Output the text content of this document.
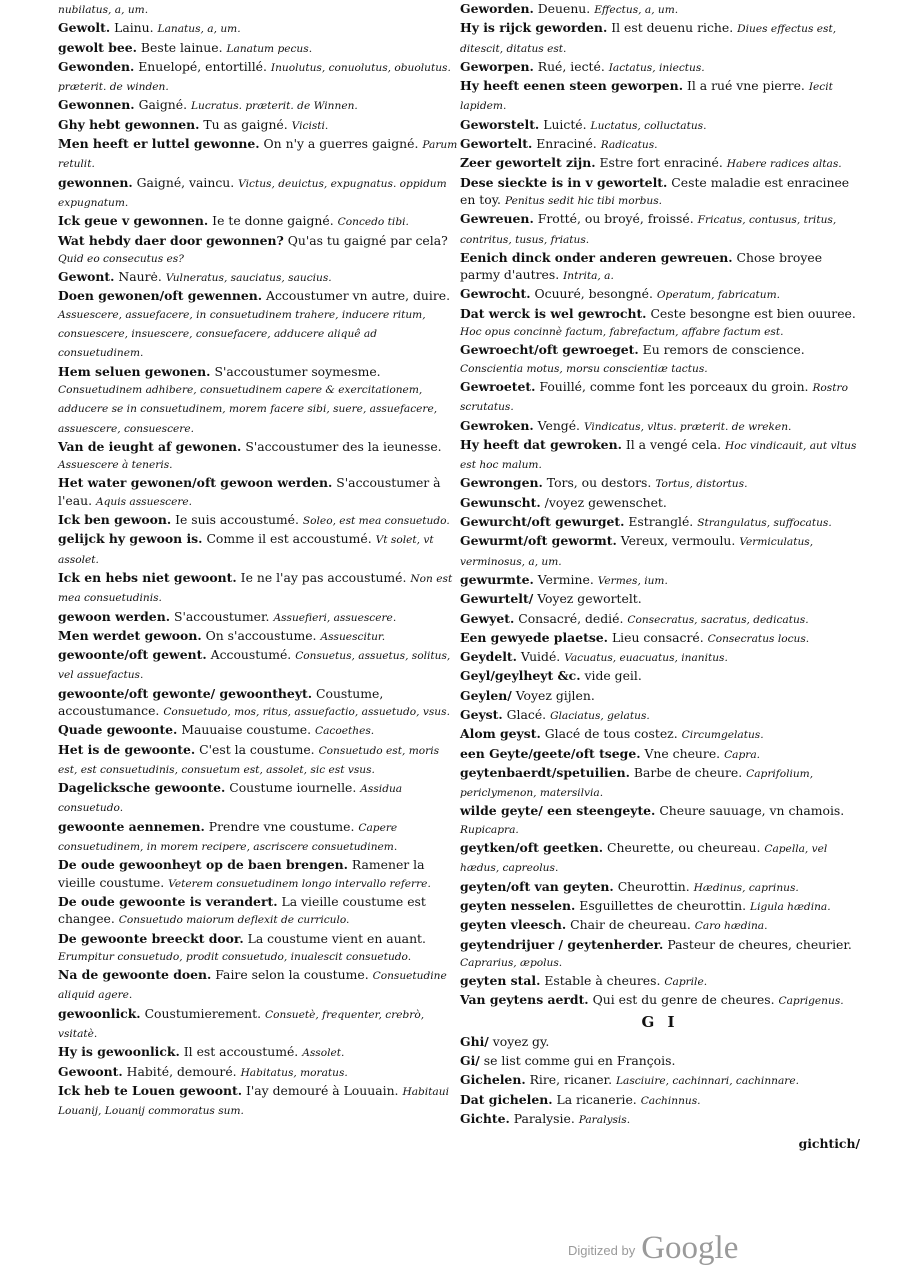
nubilatus, a, um.

Gewolt. Lainu. Lanatus, a, um.

gewolt bee. Beste lainue. Lanatum pecus.

Gewonden. Enuelopé, entortillé. Inuolutus, conuolutus, obuolutus. præterit. de winden.

Gewonnen. Gaigné. Lucratus. præterit. de Winnen.

Ghy hebt gewonnen. Tu as gaigné. Vicisti.

Men heeft er luttel gewonne. On n'y a guerres gaigné. Parum retulit.

gewonnen. Gaigné, vaincu. Victus, deuictus, expugnatus. oppidum expugnatum.

Ick geue v gewonnen. Ie te donne gaigné. Concedo tibi.

Wat hebdy daer door gewonnen? Qu'as tu gaigné par cela? Quid eo consecutus es?

Gewont. Naurė. Vulneratus, sauciatus, saucius.

Doen gewonen/oft gewennen. Accoustumer vn autre, duire. Assuescere, assuefacere, in consuetudinem trahere, inducere ritum, consuescere, insuescere, consuefacere, adducere aliquê ad consuetudinem.

Hem seluen gewonen. S'accoustumer soymesme. Consuetudinem adhibere, consuetudinem capere & exercitationem, adducere se in consuetudinem, morem facere sibi, suere, assuefacere, assuescere, consuescere.

Van de ieught af gewonen. S'accoustumer des la ieunesse. Assuescere à teneris.

Het water gewonen/oft gewoon werden. S'accoustumer à l'eau. Aquis assuescere.

Ick ben gewoon. Ie suis accoustumé. Soleo, est mea consuetudo.

gelijck hy gewoon is. Comme il est accoustumé. Vt solet, vt assolet.

Ick en hebs niet gewoont. Ie ne l'ay pas accoustumé. Non est mea consuetudinis.

gewoon werden. S'accoustumer. Assuefieri, assuescere.

Men werdet gewoon. On s'accoustume. Assuescitur.

gewoonte/oft gewent. Accoustumé. Consuetus, assuetus, solitus, vel assuefactus.

gewoonte/oft gewonte/ gewoontheyt. Coustume, accoustumance. Consuetudo, mos, ritus, assuefactio, assuetudo, vsus.

Quade gewoonte. Mauuaise coustume. Cacoethes.

Het is de gewoonte. C'est la coustume. Consuetudo est, moris est, est consuetudinis, consuetum est, assolet, sic est vsus.

Dagelicksche gewoonte. Coustume iournelle. Assidua consuetudo.

gewoonte aennemen. Prendre vne coustume. Capere consuetudinem, in morem recipere, ascriscere consuetudinem.

De oude gewoonheyt op de baen brengen. Ramener la vieille coustume. Veterem consuetudinem longo intervallo referre.

De oude gewoonte is verandert. La vieille coustume est changee. Consuetudo maiorum deflexit de curriculo.

De gewoonte breeckt door. La coustume vient en auant. Erumpitur consuetudo, prodit consuetudo, inualescit consuetudo.

Na de gewoonte doen. Faire selon la coustume. Consuetudine aliquid agere.

gewoonlick. Coustumierement. Consuetè, frequenter, crebrò, vsitatè.

Hy is gewoonlick. Il est accoustumé. Assolet.

Gewoont. Habité, demouré. Habitatus, moratus.

Ick heb te Louen gewoont. I'ay demouré à Louuain. Habitaui Louanij, Louanij commoratus sum.

Geworden. Deuenu. Effectus, a, um.

Hy is rijck geworden. Il est deuenu riche. Diues effectus est, ditescit, ditatus est.

Geworpen. Rué, iecté. Iactatus, iniectus.

Hy heeft eenen steen geworpen. Il a rué vne pierre. Iecit lapidem.

Geworstelt. Luicté. Luctatus, colluctatus.

Gewortelt. Enraciné. Radicatus.

Zeer gewortelt zijn. Estre fort enraciné. Habere radices altas.

Dese sieckte is in v gewortelt. Ceste maladie est enracinee en toy. Penitus sedit hic tibi morbus.

Gewreuen. Frotté, ou broyé, froissé. Fricatus, contusus, tritus, contritus, tusus, friatus.

Eenich dinck onder anderen gewreuen. Chose broyee parmy d'autres. Intrita, a.

Gewrocht. Ocuuré, besongné. Operatum, fabricatum.

Dat werck is wel gewrocht. Ceste besongne est bien ouuree. Hoc opus concinnè factum, fabrefactum, affabre factum est.

Gewroecht/oft gewroeget. Eu remors de conscience. Conscientia motus, morsu conscientiæ tactus.

Gewroetet. Fouillé, comme font les porceaux du groin. Rostro scrutatus.

Gewroken. Vengé. Vindicatus, vltus. præterit. de wreken.

Hy heeft dat gewroken. Il a vengé cela. Hoc vindicauit, aut vltus est hoc malum.

Gewrongen. Tors, ou destors. Tortus, distortus.

Gewunscht. /voyez gewenschet.

Gewurcht/oft gewurget. Estranglé. Strangulatus, suffocatus.

Gewurmt/oft gewormt. Vereux, vermoulu. Vermiculatus, verminosus, a, um.

gewurmte. Vermine. Vermes, ium.

Gewurtelt/ Voyez gewortelt.

Gewyet. Consacré, dedié. Consecratus, sacratus, dedicatus.

Een gewyede plaetse. Lieu consacré. Consecratus locus.

Geydelt. Vuidé. Vacuatus, euacuatus, inanitus.

Geyl/geylheyt &c. vide geil.

Geylen/ Voyez gijlen.

Geyst. Glacé. Glaciatus, gelatus.

Alom geyst. Glacé de tous costez. Circumgelatus.

een Geyte/geete/oft tsege. Vne cheure. Capra.

geytenbaerdt/spetuilien. Barbe de cheure. Caprifolium, periclymenon, matersilvia.

wilde geyte/ een steengeyte. Cheure sauuage, vn chamois. Rupicapra.

geytken/oft geetken. Cheurette, ou cheureau. Capella, vel hædus, capreolus.

geyten/oft van geyten. Cheurottin. Hædinus, caprinus.

geyten nesselen. Esguillettes de cheurottin. Ligula hædina.

geyten vleesch. Chair de cheureau. Caro hædina.

geytendrijuer / geytenherder. Pasteur de cheures, cheurier. Caprarius, æpolus.

geyten stal. Estable à cheures. Caprile.

Van geytens aerdt. Qui est du genre de cheures. Caprigenus.

G I

Ghi/ voyez gy.

Gi/ se list comme gui en François.

Gichelen. Rire, ricaner. Lasciuire, cachinnari, cachinnare.

Dat gichelen. La ricanerie. Cachinnus.

Gichte. Paralysie. Paralysis.

gichtich/
Digitized by Google
